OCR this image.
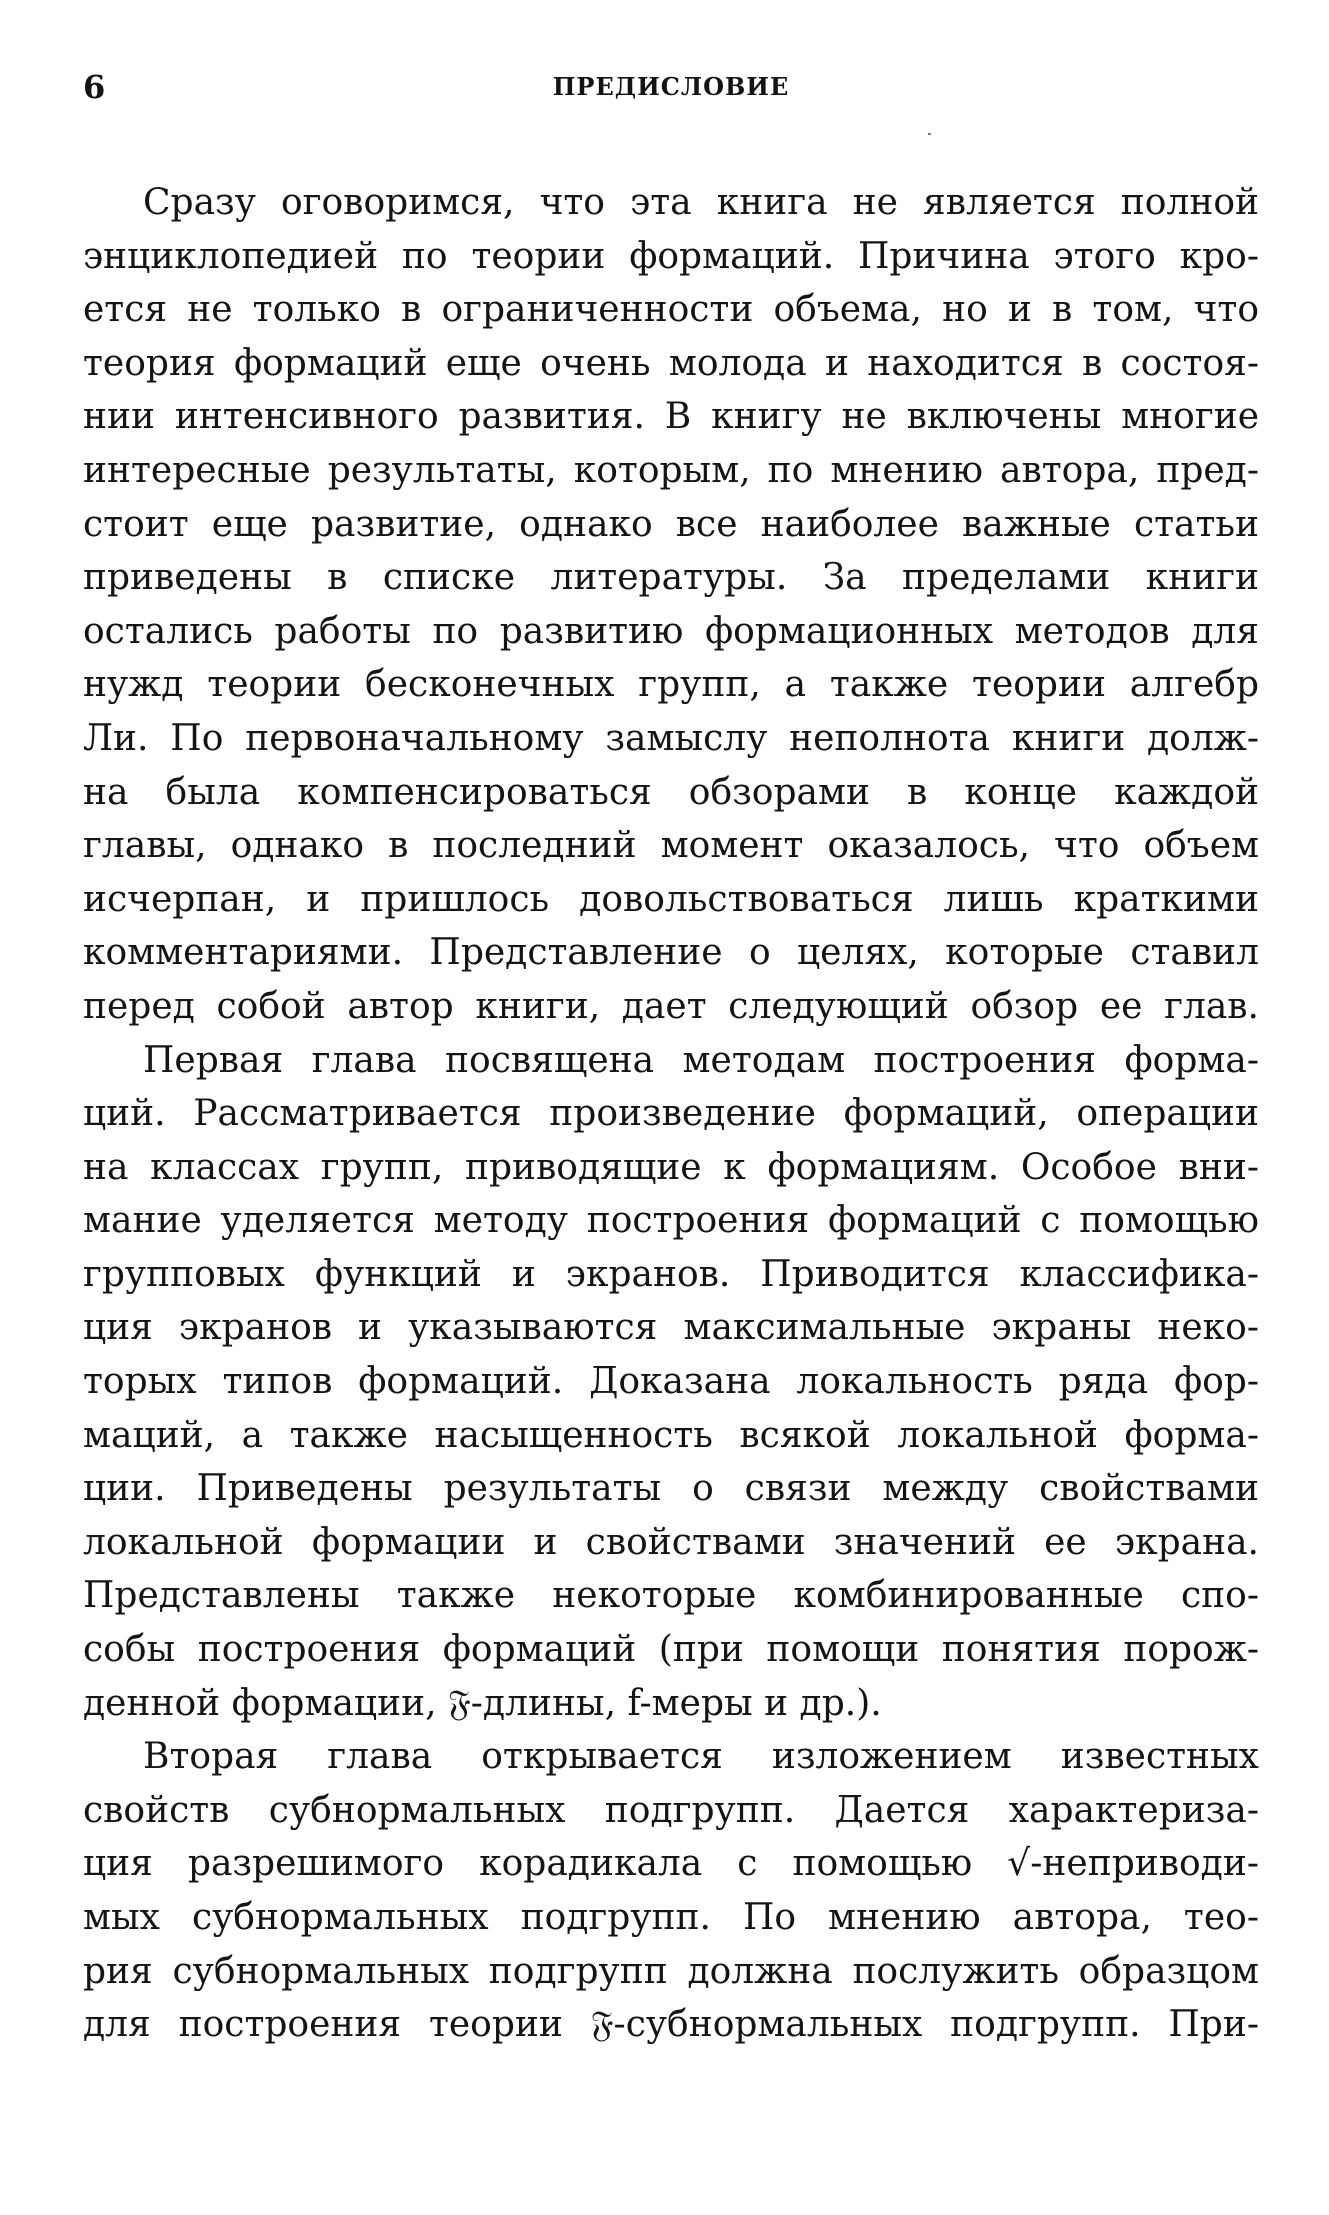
6	ПРЕДИСЛОВИЕ
Сразу оговоримся, что эта книга не является полной
энциклопедией по теории формаций. Причина этого кро-
ется не только в ограниченности объема, но и в том, что
теория формаций еще очень молода и находится в состоя-
нии интенсивного развития. В книгу не включены многие
интересные результаты, которым, по мнению автора, пред-
стоит еще развитие, однако все наиболее важные статьи
приведены в списке литературы. За пределами книги
остались работы по развитию формационных методов для
нужд теории бесконечных групп, а также теории алгебр
Ли. По первоначальному замыслу неполнота книги долж-
на была компенсироваться обзорами в конце каждой
главы, однако в последний момент оказалось, что объем
исчерпан, и пришлось довольствоваться лишь краткими
комментариями. Представление о целях, которые ставил
перед собой автор книги, дает следующий обзор ее глав.
Первая глава посвящена методам построения форма-
ций. Рассматривается произведение формаций, операции
на классах групп, приводящие к формациям. Особое вни-
мание уделяется методу построения формаций с помощью
групповых функций и экранов. Приводится классифика-
ция экранов и указываются максимальные экраны неко-
торых типов формаций. Доказана локальность ряда фор-
маций, а также насыщенность всякой локальной форма-
ции. Приведены результаты о связи между свойствами
локальной формации и свойствами значений ее экрана.
Представлены также некоторые комбинированные спо-
собы построения формаций (при помощи понятия порож-
денной формации, 𝔉-длины, f-меры и др.).
Вторая глава открывается изложением известных
свойств субнормальных подгрупп. Дается характериза-
ция разрешимого корадикала с помощью √-неприводи-
мых субнормальных подгрупп. По мнению автора, тео-
рия субнормальных подгрупп должна послужить образцом
для построения теории 𝔉-субнормальных подгрупп. При-
